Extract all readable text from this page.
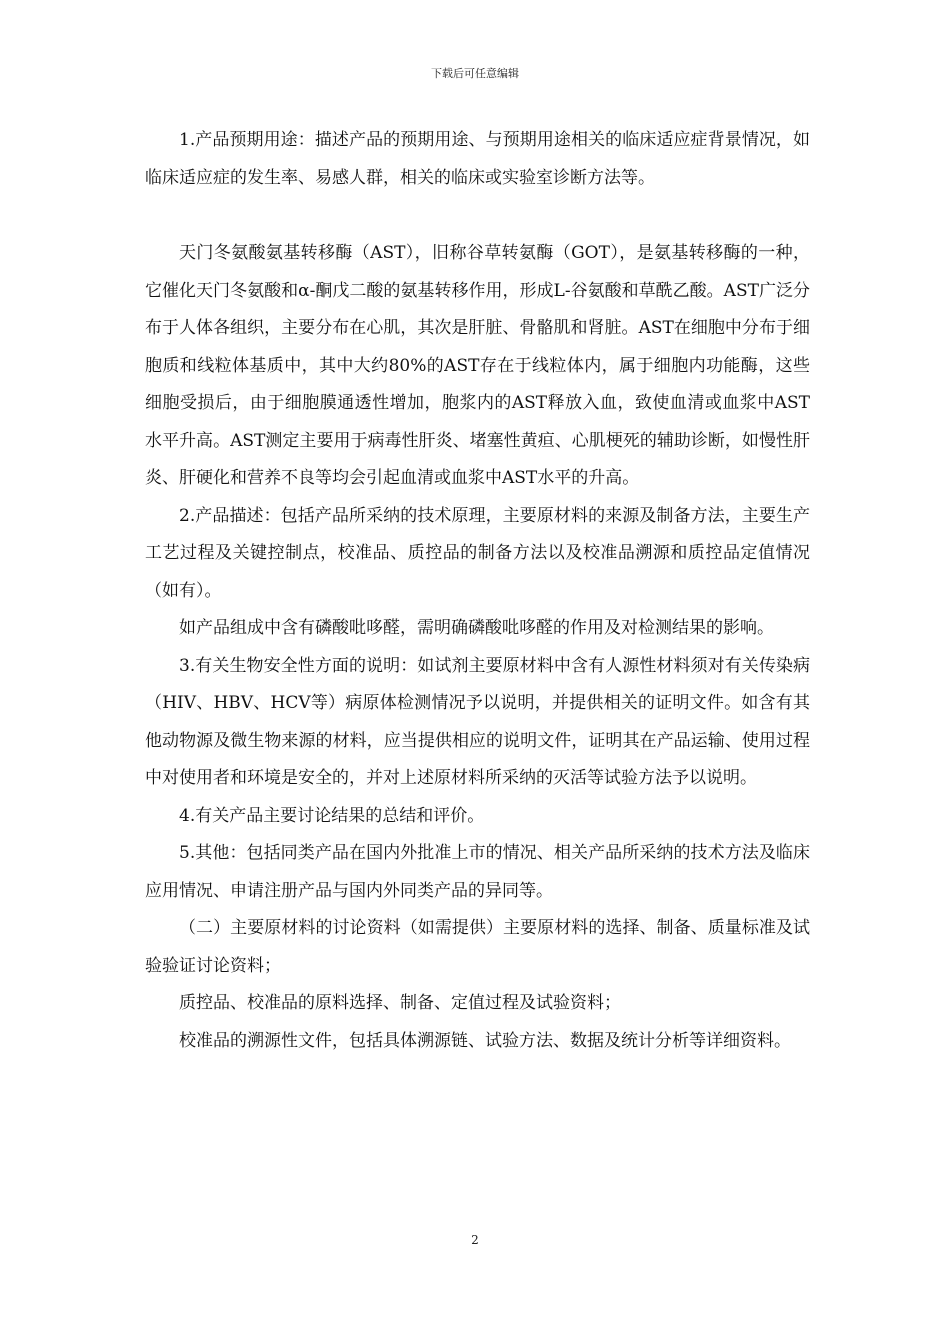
下载后可任意编辑

1.产品预期用途：描述产品的预期用途、与预期用途相关的临床适应症背景情况，如临床适应症的发生率、易感人群，相关的临床或实验室诊断方法等。

天门冬氨酸氨基转移酶（AST），旧称谷草转氨酶（GOT），是氨基转移酶的一种，它催化天门冬氨酸和α-酮戊二酸的氨基转移作用，形成L-谷氨酸和草酰乙酸。AST广泛分布于人体各组织，主要分布在心肌，其次是肝脏、骨骼肌和肾脏。AST在细胞中分布于细胞质和线粒体基质中，其中大约80%的AST存在于线粒体内，属于细胞内功能酶，这些细胞受损后，由于细胞膜通透性增加，胞浆内的AST释放入血，致使血清或血浆中AST水平升高。AST测定主要用于病毒性肝炎、堵塞性黄疸、心肌梗死的辅助诊断，如慢性肝炎、肝硬化和营养不良等均会引起血清或血浆中AST水平的升高。

2.产品描述：包括产品所采纳的技术原理，主要原材料的来源及制备方法，主要生产工艺过程及关键控制点，校准品、质控品的制备方法以及校准品溯源和质控品定值情况（如有）。

如产品组成中含有磷酸吡哆醛，需明确磷酸吡哆醛的作用及对检测结果的影响。

3.有关生物安全性方面的说明：如试剂主要原材料中含有人源性材料须对有关传染病（HIV、HBV、HCV等）病原体检测情况予以说明，并提供相关的证明文件。如含有其他动物源及微生物来源的材料，应当提供相应的说明文件，证明其在产品运输、使用过程中对使用者和环境是安全的，并对上述原材料所采纳的灭活等试验方法予以说明。

4.有关产品主要讨论结果的总结和评价。

5.其他：包括同类产品在国内外批准上市的情况、相关产品所采纳的技术方法及临床应用情况、申请注册产品与国内外同类产品的异同等。

（二）主要原材料的讨论资料（如需提供）主要原材料的选择、制备、质量标准及试验验证讨论资料；

质控品、校准品的原料选择、制备、定值过程及试验资料；

校准品的溯源性文件，包括具体溯源链、试验方法、数据及统计分析等详细资料。

2
